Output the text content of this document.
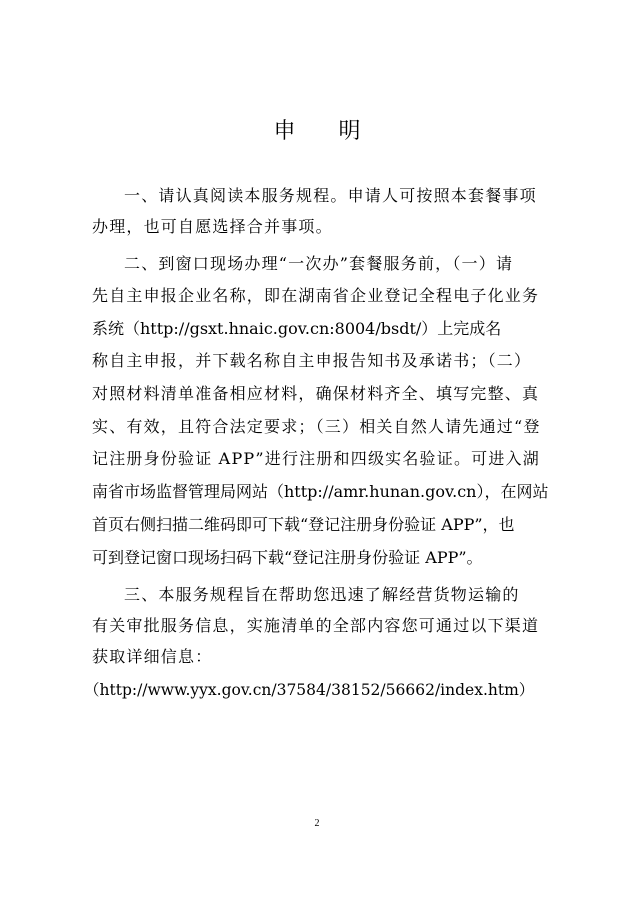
申 明
一、请认真阅读本服务规程。申请人可按照本套餐事项
办理，也可自愿选择合并事项。
二、到窗口现场办理“一次办”套餐服务前，（一）请
先自主申报企业名称，即在湖南省企业登记全程电子化业务
系统（http://gsxt.hnaic.gov.cn:8004/bsdt/）上完成名
称自主申报，并下载名称自主申报告知书及承诺书；（二）
对照材料清单准备相应材料，确保材料齐全、填写完整、真
实、有效，且符合法定要求；（三）相关自然人请先通过“登
记注册身份验证 APP”进行注册和四级实名验证。可进入湖
南省市场监督管理局网站（http://amr.hunan.gov.cn），在网站
首页右侧扫描二维码即可下载“登记注册身份验证 APP”，也
可到登记窗口现场扫码下载“登记注册身份验证 APP”。
三、本服务规程旨在帮助您迅速了解经营货物运输的
有关审批服务信息，实施清单的全部内容您可通过以下渠道
获取详细信息：
（http://www.yyx.gov.cn/37584/38152/56662/index.htm）
2
